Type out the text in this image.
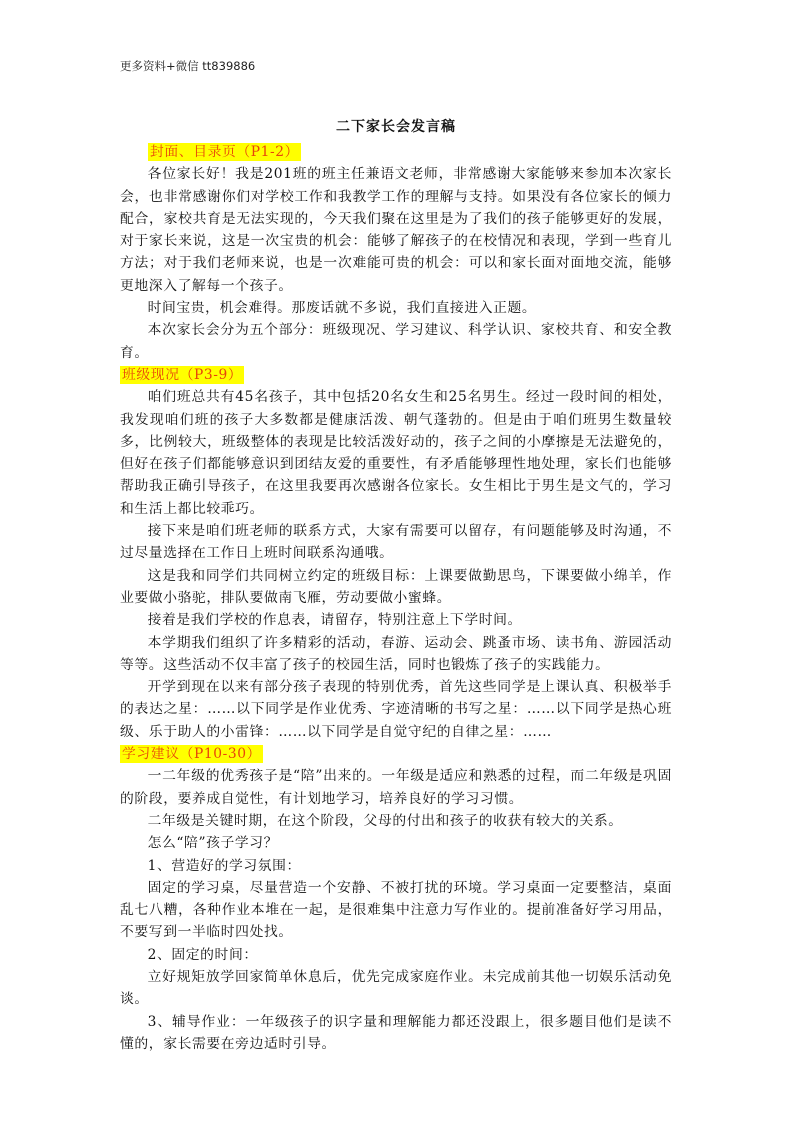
更多资料+微信 tt839886
二下家长会发言稿

封面、目录页（P1-2）

各位家长好！我是201班的班主任兼语文老师，非常感谢大家能够来参加本次家长会，也非常感谢你们对学校工作和我教学工作的理解与支持。如果没有各位家长的倾力配合，家校共育是无法实现的，今天我们聚在这里是为了我们的孩子能够更好的发展，对于家长来说，这是一次宝贵的机会：能够了解孩子的在校情况和表现，学到一些育儿方法；对于我们老师来说，也是一次难能可贵的机会：可以和家长面对面地交流，能够更地深入了解每一个孩子。

时间宝贵，机会难得。那废话就不多说，我们直接进入正题。

本次家长会分为五个部分：班级现况、学习建议、科学认识、家校共育、和安全教育。

班级现况（P3-9）

咱们班总共有45名孩子，其中包括20名女生和25名男生。经过一段时间的相处，我发现咱们班的孩子大多数都是健康活泼、朝气蓬勃的。但是由于咱们班男生数量较多，比例较大，班级整体的表现是比较活泼好动的，孩子之间的小摩擦是无法避免的，但好在孩子们都能够意识到团结友爱的重要性，有矛盾能够理性地处理，家长们也能够帮助我正确引导孩子，在这里我要再次感谢各位家长。女生相比于男生是文气的，学习和生活上都比较乖巧。

接下来是咱们班老师的联系方式，大家有需要可以留存，有问题能够及时沟通，不过尽量选择在工作日上班时间联系沟通哦。

这是我和同学们共同树立约定的班级目标：上课要做勤思鸟，下课要做小绵羊，作业要做小骆驼，排队要做南飞雁，劳动要做小蜜蜂。

接着是我们学校的作息表，请留存，特别注意上下学时间。

本学期我们组织了许多精彩的活动，春游、运动会、跳蚤市场、读书角、游园活动等等。这些活动不仅丰富了孩子的校园生活，同时也锻炼了孩子的实践能力。

开学到现在以来有部分孩子表现的特别优秀，首先这些同学是上课认真、积极举手的表达之星：……以下同学是作业优秀、字迹清晰的书写之星：……以下同学是热心班级、乐于助人的小雷锋：……以下同学是自觉守纪的自律之星：……

学习建议（P10-30）

一二年级的优秀孩子是“陪”出来的。一年级是适应和熟悉的过程，而二年级是巩固的阶段，要养成自觉性，有计划地学习，培养良好的学习习惯。

二年级是关键时期，在这个阶段，父母的付出和孩子的收获有较大的关系。

怎么“陪”孩子学习？

1、营造好的学习氛围：

固定的学习桌，尽量营造一个安静、不被打扰的环境。学习桌面一定要整洁，桌面乱七八糟，各种作业本堆在一起，是很难集中注意力写作业的。提前准备好学习用品，不要写到一半临时四处找。

2、固定的时间：

立好规矩放学回家简单休息后，优先完成家庭作业。未完成前其他一切娱乐活动免谈。

3、辅导作业：一年级孩子的识字量和理解能力都还没跟上，很多题目他们是读不懂的，家长需要在旁边适时引导。
